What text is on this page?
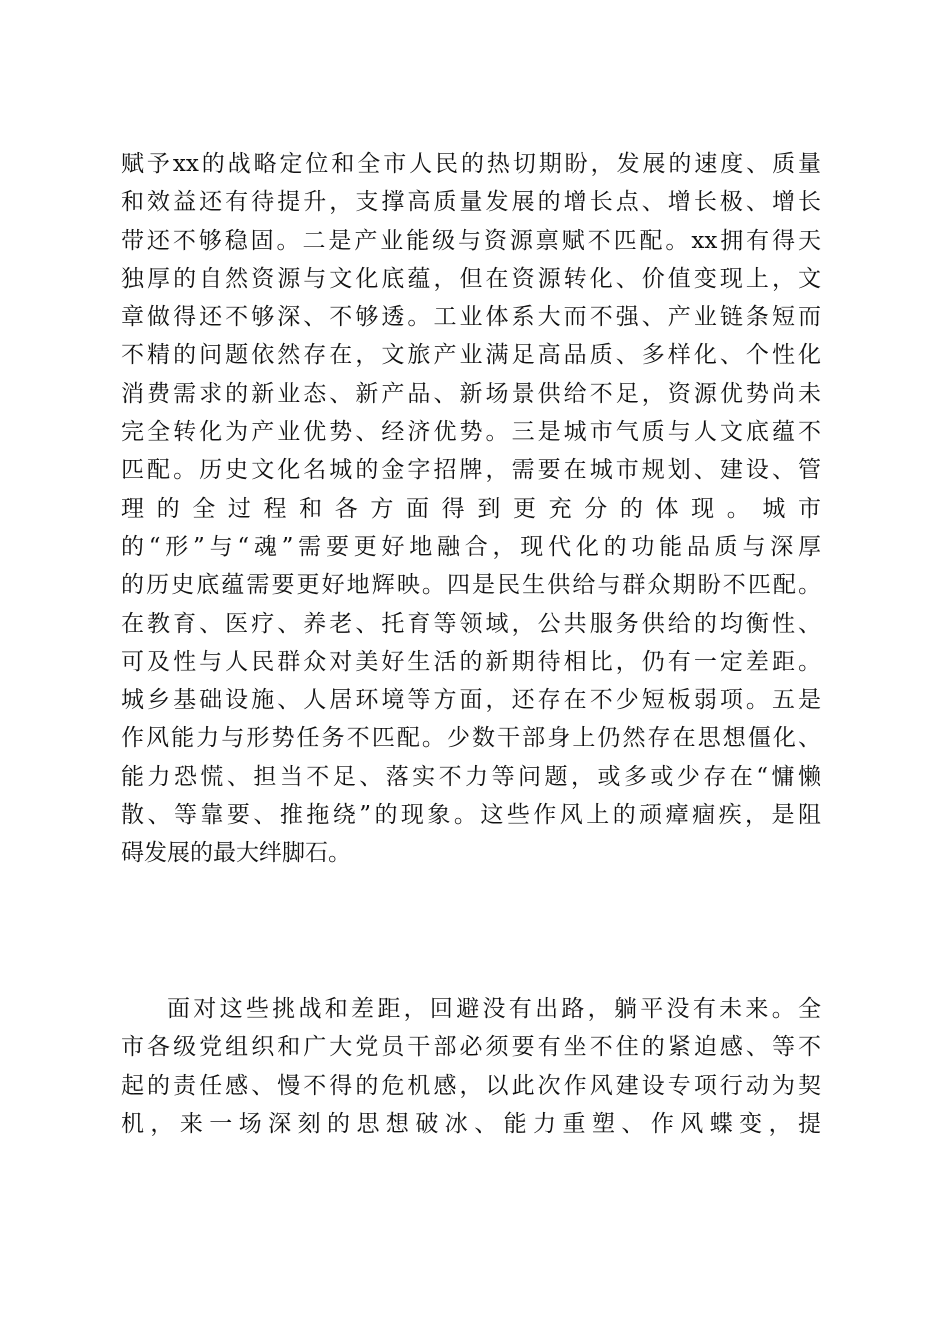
赋予xx的战略定位和全市人民的热切期盼，发展的速度、质量
和效益还有待提升，支撑高质量发展的增长点、增长极、增长
带还不够稳固。二是产业能级与资源禀赋不匹配。xx拥有得天
独厚的自然资源与文化底蕴，但在资源转化、价值变现上，文
章做得还不够深、不够透。工业体系大而不强、产业链条短而
不精的问题依然存在，文旅产业满足高品质、多样化、个性化
消费需求的新业态、新产品、新场景供给不足，资源优势尚未
完全转化为产业优势、经济优势。三是城市气质与人文底蕴不
匹配。历史文化名城的金字招牌，需要在城市规划、建设、管
理的全过程和各方面得到更充分的体现。城市
的“形”与“魂”需要更好地融合，现代化的功能品质与深厚
的历史底蕴需要更好地辉映。四是民生供给与群众期盼不匹配。
在教育、医疗、养老、托育等领域，公共服务供给的均衡性、
可及性与人民群众对美好生活的新期待相比，仍有一定差距。
城乡基础设施、人居环境等方面，还存在不少短板弱项。五是
作风能力与形势任务不匹配。少数干部身上仍然存在思想僵化、
能力恐慌、担当不足、落实不力等问题，或多或少存在“慵懒
散、等靠要、推拖绕”的现象。这些作风上的顽瘴痼疾，是阻
碍发展的最大绊脚石。
面对这些挑战和差距，回避没有出路，躺平没有未来。全
市各级党组织和广大党员干部必须要有坐不住的紧迫感、等不
起的责任感、慢不得的危机感，以此次作风建设专项行动为契
机，来一场深刻的思想破冰、能力重塑、作风蝶变，提
